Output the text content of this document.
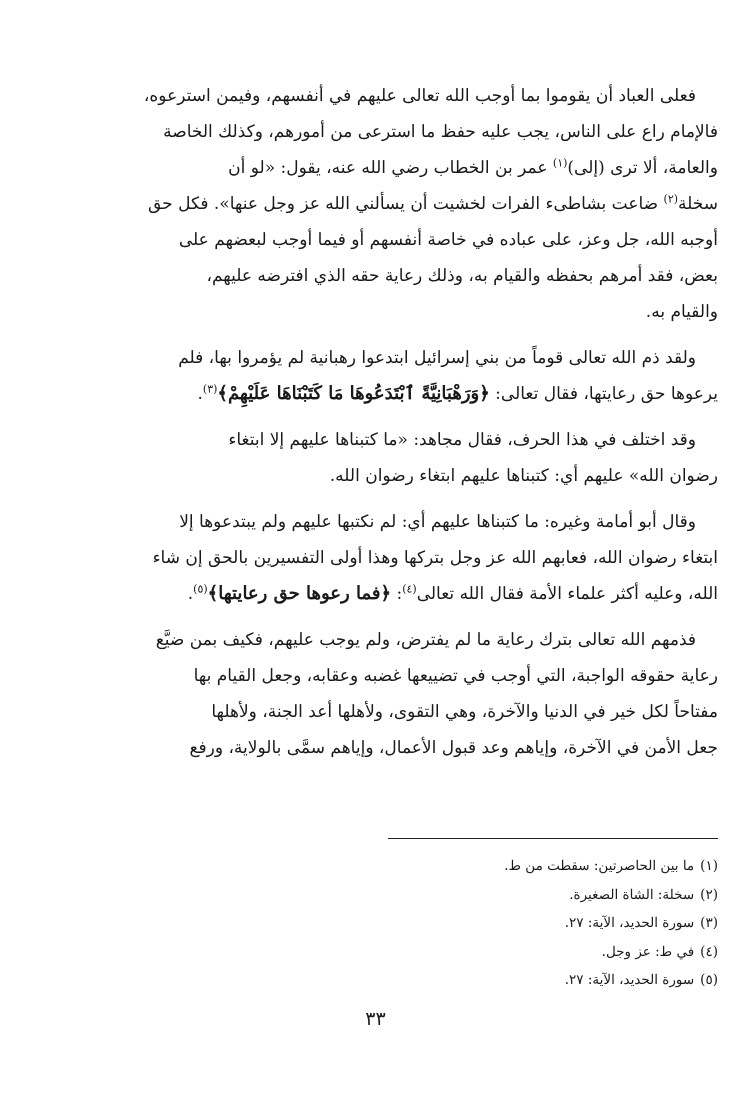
فعلى العباد أن يقوموا بما أوجب الله تعالى عليهم في أنفسهم، وفيمن استرعوه،

فالإمام راع على الناس، يجب عليه حفظ ما استرعى من أمورهم، وكذلك الخاصة

والعامة، ألا ترى (إلى)$^{(١)}$ عمر بن الخطاب رضي الله عنه، يقول: «لو أن

سخلة$^{(٢)}$ ضاعت بشاطىء الفرات لخشيت أن يسألني الله عز وجل عنها». فكل حق

أوجبه الله، جل وعز، على عباده في خاصة أنفسهم أو فيما أوجب لبعضهم على

بعض، فقد أمرهم بحفظه والقيام به، وذلك رعاية حقه الذي افترضه عليهم،

والقيام به.

ولقد ذم الله تعالى قوماً من بني إسرائيل ابتدعوا رهبانية لم يؤمروا بها، فلم

يرعوها حق رعايتها، فقال تعالى: ﴿وَرَهْبَانِيَّةً ٱبْتَدَعُوهَا مَا كَتَبْنَاهَا عَلَيْهِمْ﴾$^{(٣)}$.

وقد اختلف في هذا الحرف، فقال مجاهد: «ما كتبناها عليهم إلا ابتغاء

رضوان الله» عليهم أي: كتبناها عليهم ابتغاء رضوان الله.

وقال أبو أمامة وغيره: ما كتبناها عليهم أي: لم نكتبها عليهم ولم يبتدعوها إلا

ابتغاء رضوان الله، فعابهم الله عز وجل بتركها وهذا أولى التفسيرين بالحق إن شاء

الله، وعليه أكثر علماء الأمة فقال الله تعالى$^{(٤)}$: ﴿فما رعوها حق رعايتها﴾$^{(٥)}$.

فذمهم الله تعالى بترك رعاية ما لم يفترض، ولم يوجب عليهم، فكيف بمن ضيَّع

رعاية حقوقه الواجبة، التي أوجب في تضييعها غضبه وعقابه، وجعل القيام بها

مفتاحاً لكل خير في الدنيا والآخرة، وهي التقوى، ولأهلها أعد الجنة، ولأهلها

جعل الأمن في الآخرة، وإياهم وعد قبول الأعمال، وإياهم سمَّى بالولاية، ورفع

(١)ما بين الحاصرتين: سقطت من ط.
(٢)سخلة: الشاة الصغيرة.
(٣)سورة الحديد، الآية: ٢٧.
(٤)في ط: عز وجل.
(٥)سورة الحديد، الآية: ٢٧.
٣٣
